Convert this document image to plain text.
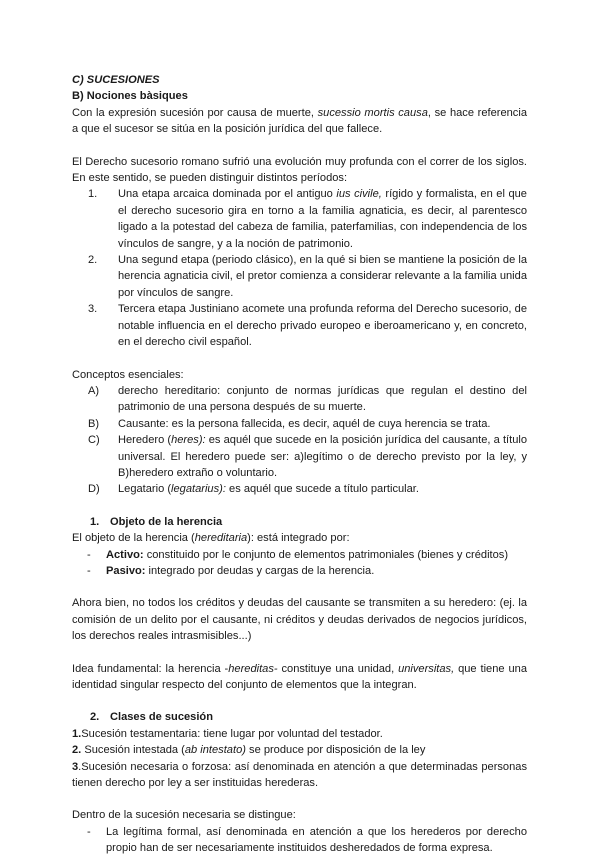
C) SUCESIONES

B) Nociones bàsiques

Con la expresión sucesión por causa de muerte, sucessio mortis causa, se hace referencia a que el sucesor se sitúa en la posición jurídica del que fallece.

El Derecho sucesorio romano sufrió una evolución muy profunda con el correr de los siglos. En este sentido, se pueden distinguir distintos períodos:

1. Una etapa arcaica dominada por el antiguo ius civile, rígido y formalista, en el que el derecho sucesorio gira en torno a la familia agnaticia, es decir, al parentesco ligado a la potestad del cabeza de familia, paterfamilias, con independencia de los vínculos de sangre, y a la noción de patrimonio.
2. Una segund etapa (periodo clásico), en la qué si bien se mantiene la posición de la herencia agnaticia civil, el pretor comienza a considerar relevante a la familia unida por vínculos de sangre.
3. Tercera etapa Justiniano acomete una profunda reforma del Derecho sucesorio, de notable influencia en el derecho privado europeo e iberoamericano y, en concreto, en el derecho civil español.

Conceptos esenciales:

A) derecho hereditario: conjunto de normas jurídicas que regulan el destino del patrimonio de una persona después de su muerte.
B) Causante: es la persona fallecida, es decir, aquél de cuya herencia se trata.
C) Heredero (heres): es aquél que sucede en la posición jurídica del causante, a título universal. El heredero puede ser: a)legítimo o de derecho previsto por la ley, y B)heredero extraño o voluntario.
D) Legatario (legatarius): es aquél que sucede a título particular.

1. Objeto de la herencia

El objeto de la herencia (hereditaria): está integrado por:

- Activo: constituido por le conjunto de elementos patrimoniales (bienes y créditos)
- Pasivo: integrado por deudas y cargas de la herencia.

Ahora bien, no todos los créditos y deudas del causante se transmiten a su heredero: (ej. la comisión de un delito por el causante, ni créditos y deudas derivados de negocios jurídicos, los derechos reales intrasmisibles...)

Idea fundamental: la herencia -hereditas- constituye una unidad, universitas, que tiene una identidad singular respecto del conjunto de elementos que la integran.

2. Clases de sucesión

1.Sucesión testamentaria: tiene lugar por voluntad del testador.

2. Sucesión intestada (ab intestato) se produce por disposición de la ley

3.Sucesión necesaria o forzosa: así denominada en atención a que determinadas personas tienen derecho por ley a ser instituidas herederas.

Dentro de la sucesión necesaria se distingue:

- La legítima formal, así denominada en atención a que los herederos por derecho propio han de ser necesariamente instituidos desheredados de forma expresa.
